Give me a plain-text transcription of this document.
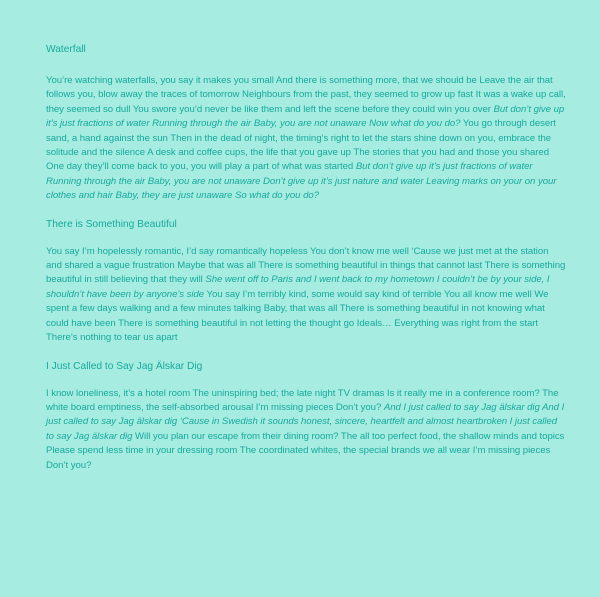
Waterfall

You’re watching waterfalls, you say it makes you small And there is something more, that we should be Leave the air that follows you, blow away the traces of tomorrow Neighbours from the past, they seemed to grow up fast It was a wake up call, they seemed so dull You swore you’d never be like them and left the scene before they could win you over But don’t give up it’s just fractions of water Running through the air Baby, you are not unaware Now what do you do? You go through desert sand, a hand against the sun Then in the dead of night, the timing’s right to let the stars shine down on you, embrace the solitude and the silence A desk and coffee cups, the life that you gave up The stories that you had and those you shared One day they’ll come back to you, you will play a part of what was started But don’t give up it’s just fractions of water Running through the air Baby, you are not unaware Don’t give up it’s just nature and water Leaving marks on your on your clothes and hair Baby, they are just unaware So what do you do?

There is Something Beautiful

You say I’m hopelessly romantic, I’d say romantically hopeless You don’t know me well ‘Cause we just met at the station and shared a vague frustration Maybe that was all There is something beautiful in things that cannot last There is something beautiful in still believing that they will She went off to Paris and I went back to my hometown I couldn’t be by your side, I shouldn’t have been by anyone’s side You say I’m terribly kind, some would say kind of terrible You all know me well We spent a few days walking and a few minutes talking Baby, that was all There is something beautiful in not knowing what could have been There is something beautiful in not letting the thought go Ideals… Everything was right from the start There’s nothing to tear us apart

I Just Called to Say Jag Älskar Dig

I know loneliness, it’s a hotel room The uninspiring bed; the late night TV dramas Is it really me in a conference room? The white board emptiness, the self-absorbed arousal I’m missing pieces Don’t you? And I just called to say Jag älskar dig And I just called to say Jag älskar dig ‘Cause in Swedish it sounds honest, sincere, heartfelt and almost heartbroken I just called to say Jag älskar dig Will you plan our escape from their dining room? The all too perfect food, the shallow minds and topics Please spend less time in your dressing room The coordinated whites, the special brands we all wear I’m missing pieces Don’t you?
